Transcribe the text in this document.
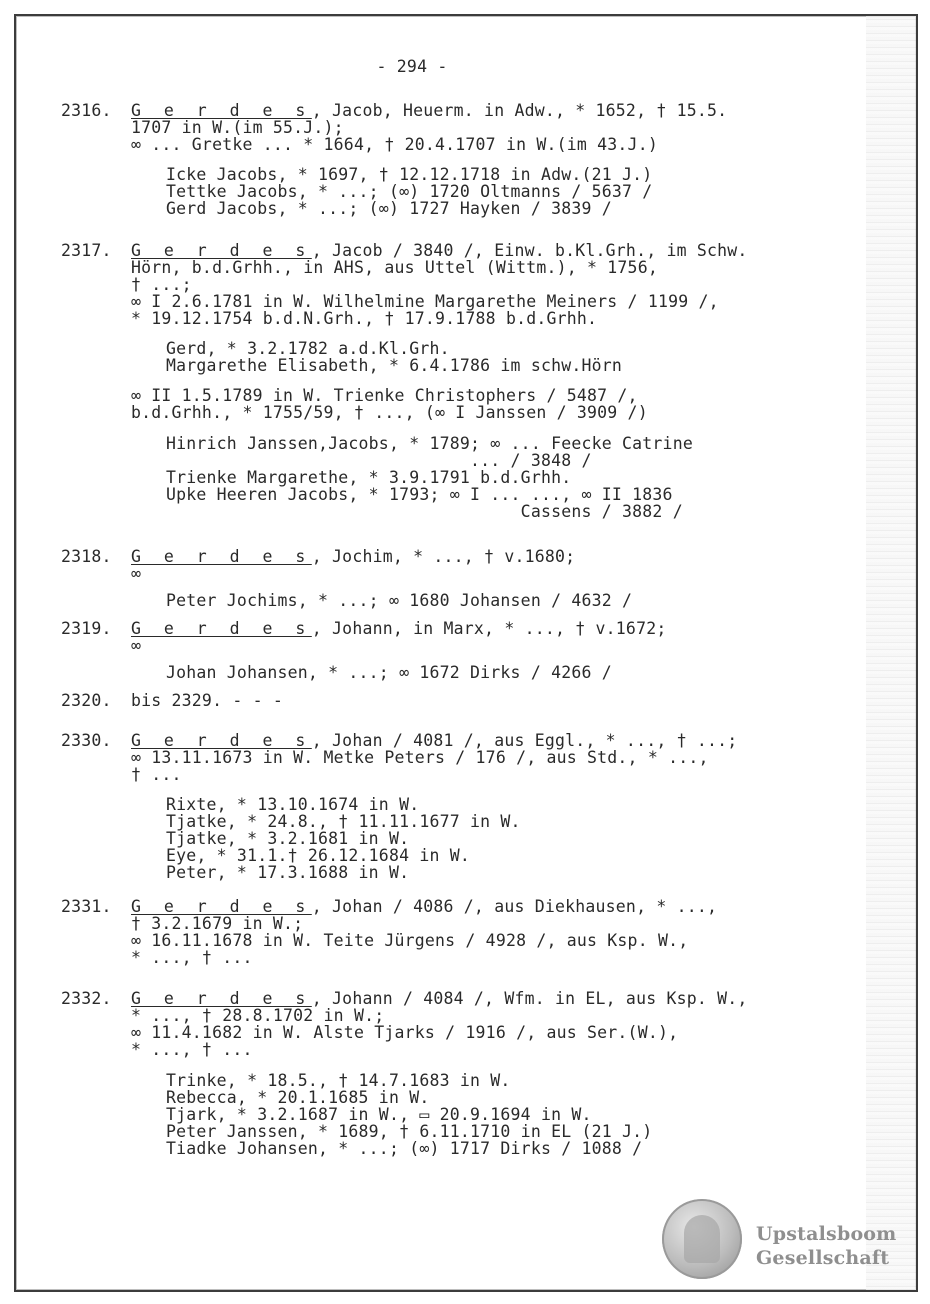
- 294 -
2316. G e r d e s, Jacob, Heuerm. in Adw., * 1652, † 15.5.
1707 in W.(im 55.J.);
∞ ... Gretke ... * 1664, † 20.4.1707 in W.(im 43.J.)
Icke Jacobs, * 1697, † 12.12.1718 in Adw.(21 J.)
Tettke Jacobs, * ...; (∞) 1720 Oltmanns / 5637 /
Gerd Jacobs, * ...; (∞) 1727 Hayken / 3839 /
2317. G e r d e s, Jacob / 3840 /, Einw. b.Kl.Grh., im Schw.
Hörn, b.d.Grhh., in AHS, aus Uttel (Wittm.), * 1756,
† ...;
∞ I 2.6.1781 in W. Wilhelmine Margarethe Meiners / 1199 /,
* 19.12.1754 b.d.N.Grh., † 17.9.1788 b.d.Grhh.
Gerd, * 3.2.1782 a.d.Kl.Grh.
Margarethe Elisabeth, * 6.4.1786 im schw.Hörn
∞ II 1.5.1789 in W. Trienke Christophers / 5487 /,
b.d.Grhh., * 1755/59, † ..., (∞ I Janssen / 3909 /)
Hinrich Janssen,Jacobs, * 1789; ∞ ... Feecke Catrine
... / 3848 /
Trienke Margarethe, * 3.9.1791 b.d.Grhh.
Upke Heeren Jacobs, * 1793; ∞ I ... ..., ∞ II 1836
Cassens / 3882 /
2318. G e r d e s, Jochim, * ..., † v.1680;
∞
Peter Jochims, * ...; ∞ 1680 Johansen / 4632 /
2319. G e r d e s, Johann, in Marx, * ..., † v.1672;
∞
Johan Johansen, * ...; ∞ 1672 Dirks / 4266 /
2320. bis 2329. - - -
2330. G e r d e s, Johan / 4081 /, aus Eggl., * ..., † ...;
∞ 13.11.1673 in W. Metke Peters / 176 /, aus Std., * ...,
† ...
Rixte, * 13.10.1674 in W.
Tjatke, * 24.8., † 11.11.1677 in W.
Tjatke, * 3.2.1681 in W.
Eye, * 31.1.† 26.12.1684 in W.
Peter, * 17.3.1688 in W.
2331. G e r d e s, Johan / 4086 /, aus Diekhausen, * ...,
† 3.2.1679 in W.;
∞ 16.11.1678 in W. Teite Jürgens / 4928 /, aus Ksp. W.,
* ..., † ...
2332. G e r d e s, Johann / 4084 /, Wfm. in EL, aus Ksp. W.,
* ..., † 28.8.1702 in W.;
∞ 11.4.1682 in W. Alste Tjarks / 1916 /, aus Ser.(W.),
* ..., † ...
Trinke, * 18.5., † 14.7.1683 in W.
Rebecca, * 20.1.1685 in W.
Tjark, * 3.2.1687 in W., ▭ 20.9.1694 in W.
Peter Janssen, * 1689, † 6.11.1710 in EL (21 J.)
Tiadke Johansen, * ...; (∞) 1717 Dirks / 1088 /
Upstalsboom
Gesellschaft
